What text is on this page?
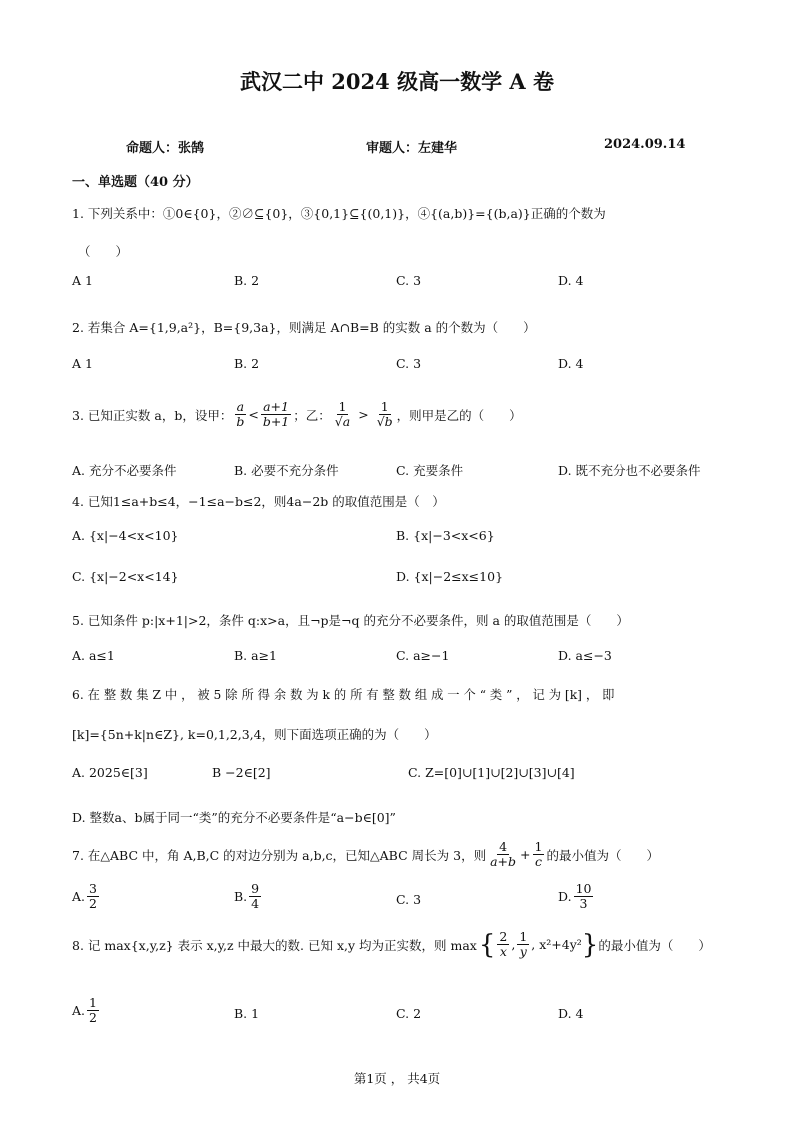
武汉二中 2024 级高一数学 A 卷
命题人：张鹄	审题人：左建华	2024.09.14
一、单选题（40 分）
1. 下列关系中：①0∈{0}，②∅⊆{0}，③{0,1}⊆{(0,1)}，④{(a,b)}={(b,a)}正确的个数为
（　　）
A 1	B. 2	C. 3	D. 4
2. 若集合 A={1,9,a²}，B={9,3a}，则满足 A∩B=B 的实数 a 的个数为（　　）
A 1	B. 2	C. 3	D. 4
3. 已知正实数 a，b，设甲： $\frac{a}{b} < \frac{a+1}{b+1}$ ；乙： $\frac{1}{√a} > \frac{1}{√b}$ ，则甲是乙的（　　）
A. 充分不必要条件	B. 必要不充分条件	C. 充要条件	D. 既不充分也不必要条件
4. 已知1≤a+b≤4，−1≤a−b≤2，则4a−2b 的取值范围是（　）
A. {x|−4<x<10}	B. {x|−3<x<6}
C. {x|−2<x<14}	D. {x|−2≤x≤10}
5. 已知条件 p:|x+1|>2，条件 q:x>a，且¬p是¬q 的充分不必要条件，则 a 的取值范围是（　　）
A. a≤1	B. a≥1	C. a≥−1	D. a≤−3
6. 在 整 数 集 Z 中 ， 被 5 除 所 得 余 数 为 k 的 所 有 整 数 组 成 一 个 “ 类 ” ， 记 为 [k] ， 即
[k]={5n+k|n∈Z}, k=0,1,2,3,4，则下面选项正确的为（　　）
A. 2025∈[3]	B −2∈[2]	C. Z=[0]∪[1]∪[2]∪[3]∪[4]
D. 整数a、b属于同一“类”的充分不必要条件是“a−b∈[0]”
7. 在△ABC 中，角 A,B,C 的对边分别为 a,b,c，已知△ABC 周长为 3，则 $\frac{4}{a+b} + \frac{1}{c}$ 的最小值为（　　）
A. $\frac{3}{2}$	B. $\frac{9}{4}$	C. 3	D. $\frac{10}{3}$
8. 记 max{x,y,z} 表示 x,y,z 中最大的数. 已知 x,y 均为正实数，则 max { $\frac{2}{x}$ , $\frac{1}{y}$ , x²+4y² } 的最小值为（　　）
A. $\frac{1}{2}$	B. 1	C. 2	D. 4
第1页 ， 共4页
